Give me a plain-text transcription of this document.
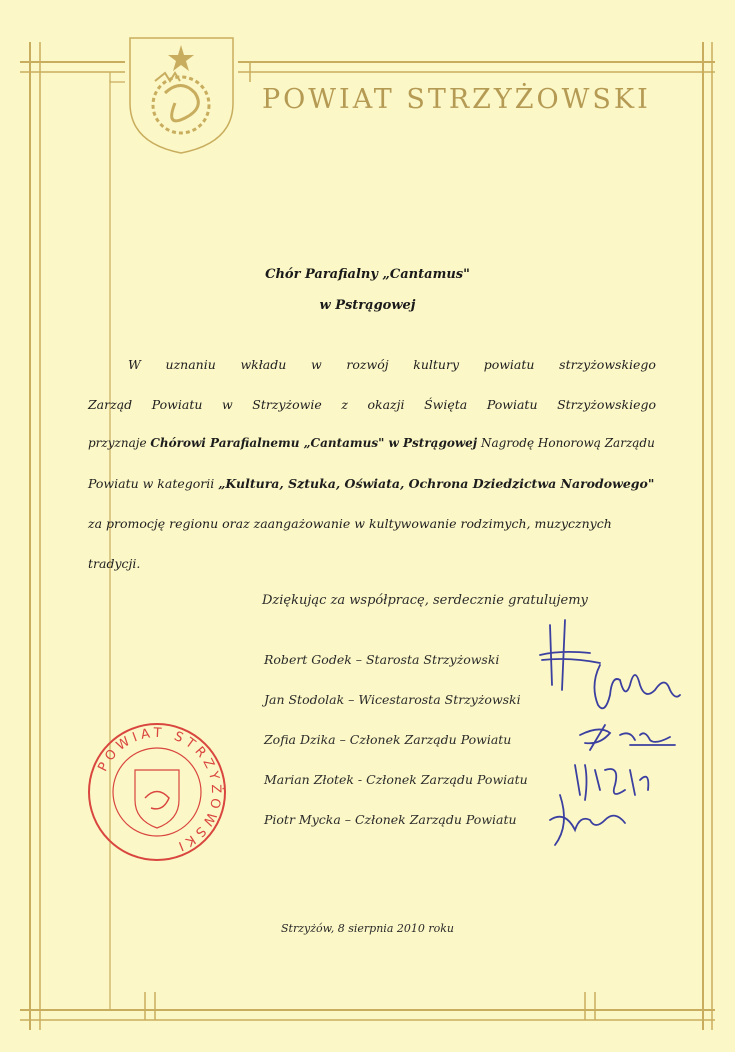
POWIAT STRZYŻOWSKI
Chór Parafialny „Cantamus"
w Pstrągowej
W uznaniu wkładu w rozwój kultury powiatu strzyżowskiego
Zarząd Powiatu w Strzyżowie z okazji Święta Powiatu Strzyżowskiego
przyznaje Chórowi Parafialnemu „Cantamus" w Pstrągowej Nagrodę Honorową Zarządu
Powiatu w kategorii „Kultura, Sztuka, Oświata, Ochrona Dziedzictwa Narodowego"
za promocję regionu oraz zaangażowanie w kultywowanie rodzimych, muzycznych
tradycji.
Dziękując za współpracę, serdecznie gratulujemy
Robert Godek – Starosta Strzyżowski
Jan Stodolak – Wicestarosta Strzyżowski
Zofia Dzika – Członek Zarządu Powiatu
Marian Złotek - Członek Zarządu Powiatu
Piotr Mycka – Członek Zarządu Powiatu
POWIAT STRZYŻOWSKI
Strzyżów, 8 sierpnia 2010 roku
